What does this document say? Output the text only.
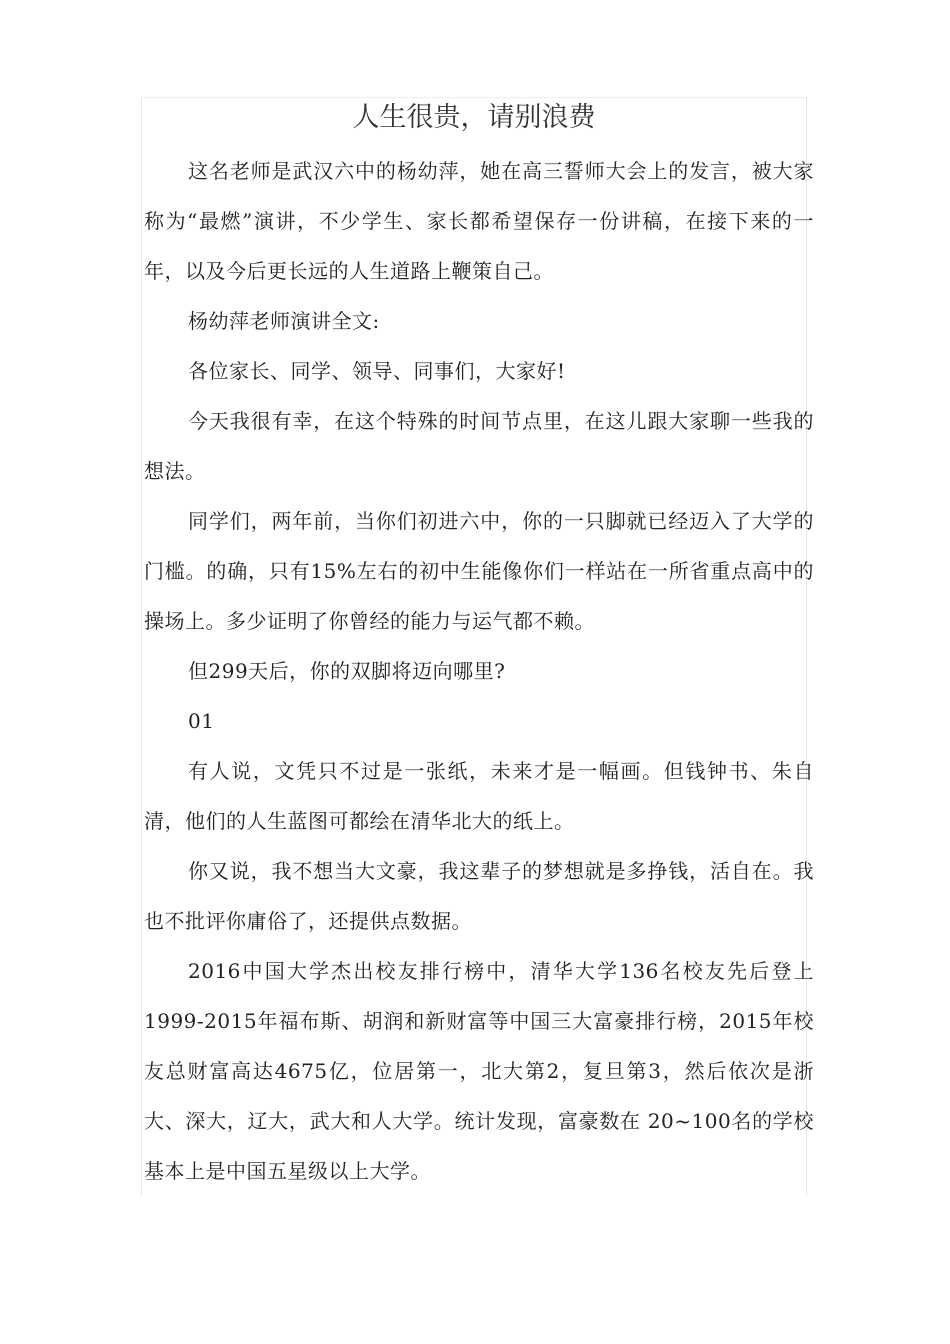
人生很贵，请别浪费

这名老师是武汉六中的杨幼萍，她在高三誓师大会上的发言，被大家称为“最燃”演讲，不少学生、家长都希望保存一份讲稿，在接下来的一年，以及今后更长远的人生道路上鞭策自己。

杨幼萍老师演讲全文:

各位家长、同学、领导、同事们，大家好!

今天我很有幸，在这个特殊的时间节点里，在这儿跟大家聊一些我的想法。

同学们，两年前，当你们初进六中，你的一只脚就已经迈入了大学的门槛。的确，只有15%左右的初中生能像你们一样站在一所省重点高中的操场上。多少证明了你曾经的能力与运气都不赖。

但299天后，你的双脚将迈向哪里?

01

有人说，文凭只不过是一张纸，未来才是一幅画。但钱钟书、朱自清，他们的人生蓝图可都绘在清华北大的纸上。

你又说，我不想当大文豪，我这辈子的梦想就是多挣钱，活自在。我也不批评你庸俗了，还提供点数据。

2016中国大学杰出校友排行榜中，清华大学136名校友先后登上1999-2015年福布斯、胡润和新财富等中国三大富豪排行榜，2015年校友总财富高达4675亿，位居第一，北大第2，复旦第3，然后依次是浙大、深大，辽大，武大和人大学。统计发现，富豪数在 20~100名的学校基本上是中国五星级以上大学。
